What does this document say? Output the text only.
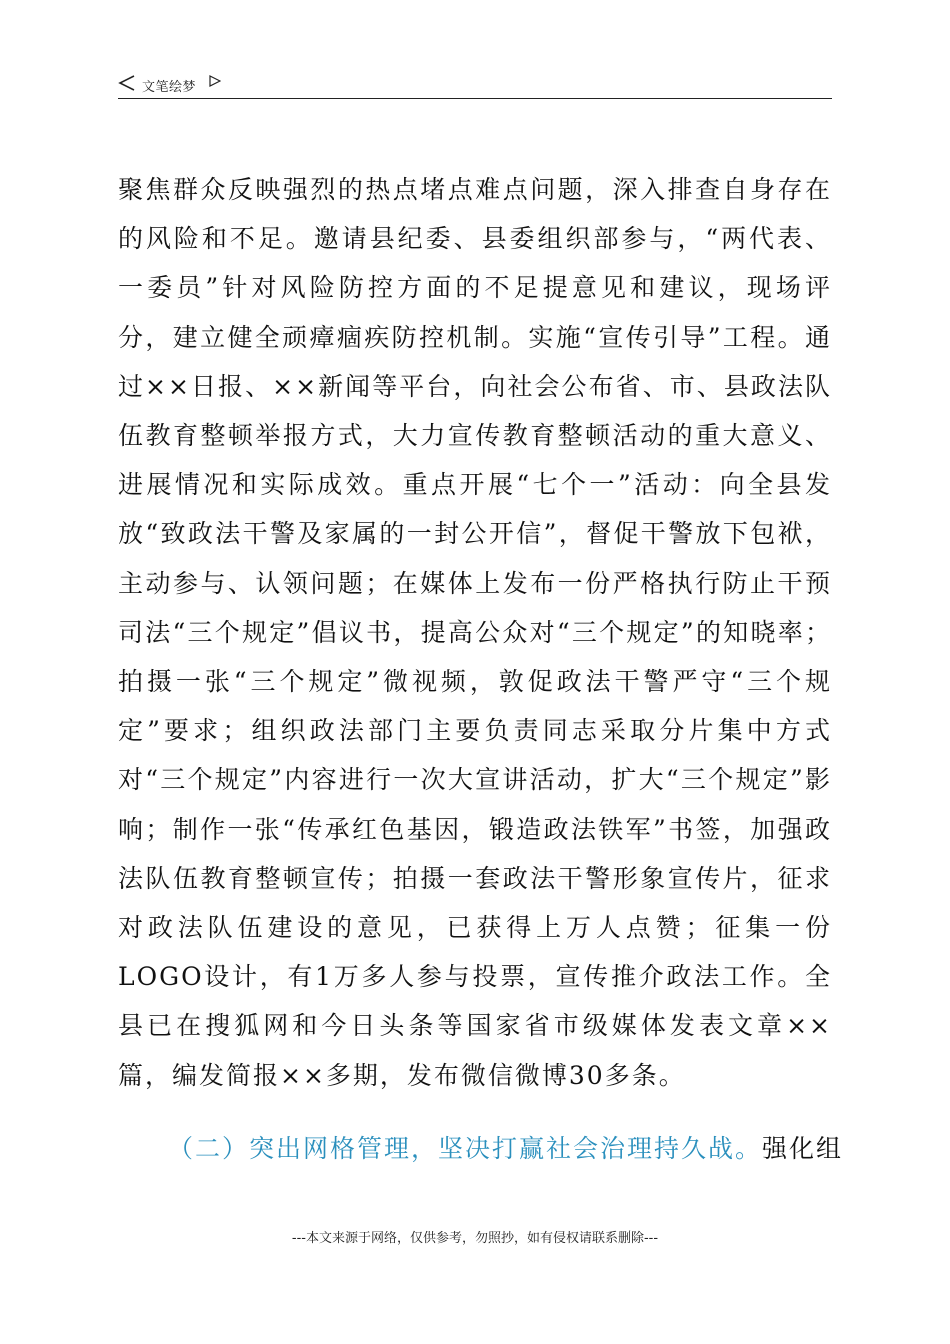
文笔绘梦

聚焦群众反映强烈的热点堵点难点问题，深入排查自身存在的风险和不足。邀请县纪委、县委组织部参与，“两代表、一委员”针对风险防控方面的不足提意见和建议，现场评分，建立健全顽瘴痼疾防控机制。实施“宣传引导”工程。通过××日报、××新闻等平台，向社会公布省、市、县政法队伍教育整顿举报方式，大力宣传教育整顿活动的重大意义、进展情况和实际成效。重点开展“七个一”活动：向全县发放“致政法干警及家属的一封公开信”，督促干警放下包袱，主动参与、认领问题；在媒体上发布一份严格执行防止干预司法“三个规定”倡议书，提高公众对“三个规定”的知晓率；拍摄一张“三个规定”微视频，敦促政法干警严守“三个规定”要求；组织政法部门主要负责同志采取分片集中方式对“三个规定”内容进行一次大宣讲活动，扩大“三个规定”影响；制作一张“传承红色基因，锻造政法铁军”书签，加强政法队伍教育整顿宣传；拍摄一套政法干警形象宣传片，征求对政法队伍建设的意见，已获得上万人点赞；征集一份LOGO设计，有1万多人参与投票，宣传推介政法工作。全县已在搜狐网和今日头条等国家省市级媒体发表文章××篇，编发简报××多期，发布微信微博30多条。

（二）突出网格管理，坚决打赢社会治理持久战。强化组
---本文来源于网络，仅供参考，勿照抄，如有侵权请联系删除---
